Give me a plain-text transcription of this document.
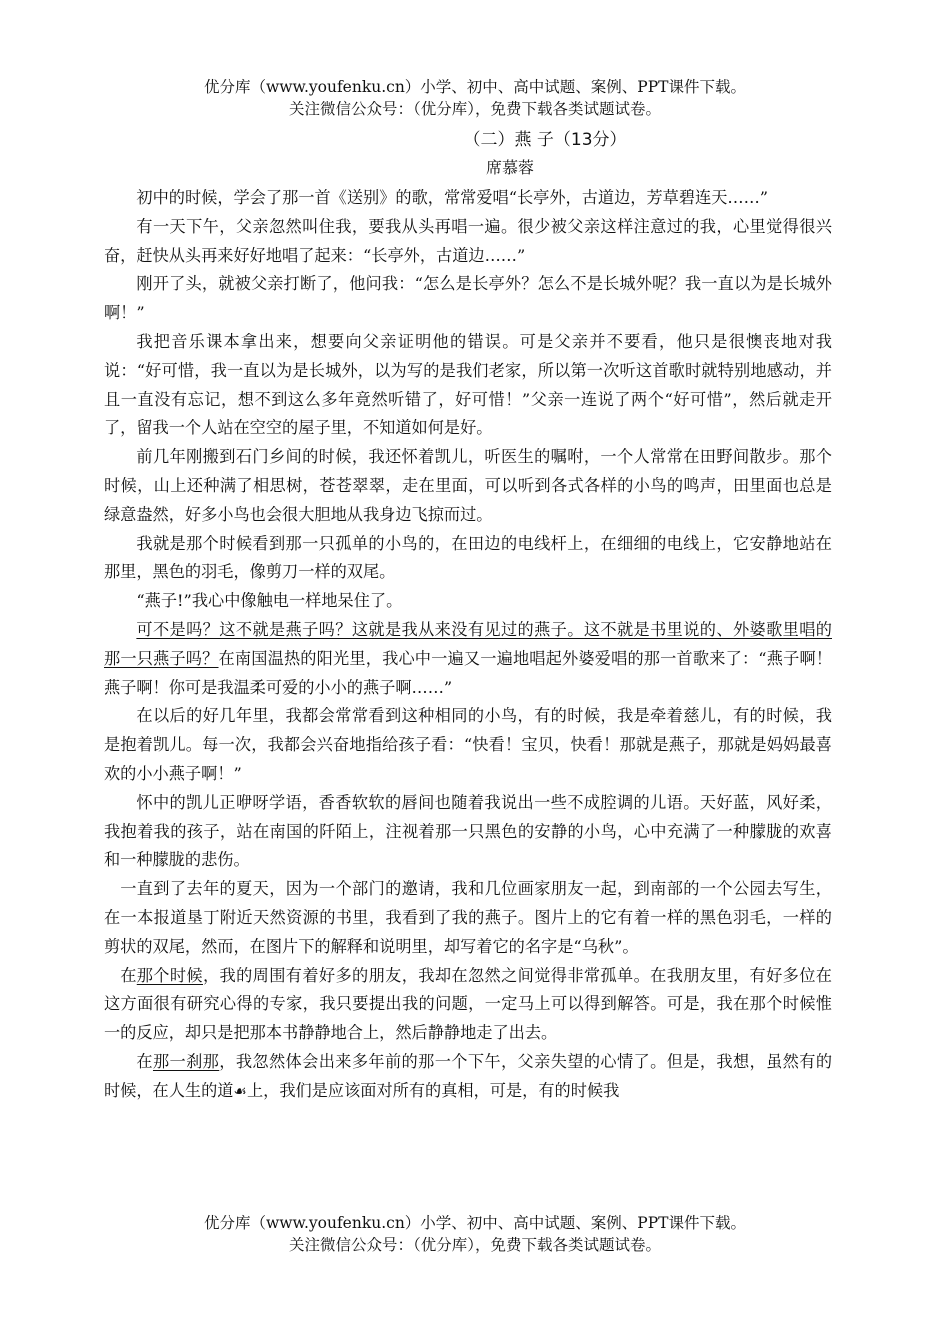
优分库（www.youfenku.cn）小学、初中、高中试题、案例、PPT课件下载。
关注微信公众号：（优分库），免费下载各类试题试卷。
（二）燕 子（13分）
席慕蓉

初中的时候，学会了那一首《送别》的歌，常常爱唱“长亭外，古道边，芳草碧连天……”

有一天下午，父亲忽然叫住我，要我从头再唱一遍。很少被父亲这样注意过的我，心里觉得很兴奋，赶快从头再来好好地唱了起来：“长亭外，古道边……”

刚开了头，就被父亲打断了，他问我：“怎么是长亭外？怎么不是长城外呢？我一直以为是长城外啊！”

我把音乐课本拿出来，想要向父亲证明他的错误。可是父亲并不要看，他只是很懊丧地对我说：“好可惜，我一直以为是长城外，以为写的是我们老家，所以第一次听这首歌时就特别地感动，并且一直没有忘记，想不到这么多年竟然听错了，好可惜！”父亲一连说了两个“好可惜”，然后就走开了，留我一个人站在空空的屋子里，不知道如何是好。

前几年刚搬到石门乡间的时候，我还怀着凯儿，听医生的嘱咐，一个人常常在田野间散步。那个时候，山上还种满了相思树，苍苍翠翠，走在里面，可以听到各式各样的小鸟的鸣声，田里面也总是绿意盎然，好多小鸟也会很大胆地从我身边飞掠而过。

我就是那个时候看到那一只孤单的小鸟的，在田边的电线杆上，在细细的电线上，它安静地站在那里，黑色的羽毛，像剪刀一样的双尾。

“燕子!”我心中像触电一样地呆住了。

可不是吗？这不就是燕子吗？这就是我从来没有见过的燕子。这不就是书里说的、外婆歌里唱的那一只燕子吗？在南国温热的阳光里，我心中一遍又一遍地唱起外婆爱唱的那一首歌来了：“燕子啊！燕子啊！你可是我温柔可爱的小小的燕子啊……”

在以后的好几年里，我都会常常看到这种相同的小鸟，有的时候，我是牵着慈儿，有的时候，我是抱着凯儿。每一次，我都会兴奋地指给孩子看：“快看！宝贝，快看！那就是燕子，那就是妈妈最喜欢的小小燕子啊！”

怀中的凯儿正咿呀学语，香香软软的唇间也随着我说出一些不成腔调的儿语。天好蓝，风好柔，我抱着我的孩子，站在南国的阡陌上，注视着那一只黑色的安静的小鸟，心中充满了一种朦胧的欢喜和一种朦胧的悲伤。

一直到了去年的夏天，因为一个部门的邀请，我和几位画家朋友一起，到南部的一个公园去写生，在一本报道垦丁附近天然资源的书里，我看到了我的燕子。图片上的它有着一样的黑色羽毛，一样的剪状的双尾，然而，在图片下的解释和说明里，却写着它的名字是“乌秋”。

在那个时候，我的周围有着好多的朋友，我却在忽然之间觉得非常孤单。在我朋友里，有好多位在这方面很有研究心得的专家，我只要提出我的问题，一定马上可以得到解答。可是，我在那个时候惟一的反应，却只是把那本书静静地合上，然后静静地走了出去。

在那一刹那，我忽然体会出来多年前的那一个下午，父亲失望的心情了。但是，我想，虽然有的时候，在人生的道☙上，我们是应该面对所有的真相，可是，有的时候我

优分库（www.youfenku.cn）小学、初中、高中试题、案例、PPT课件下载。
关注微信公众号：（优分库），免费下载各类试题试卷。
